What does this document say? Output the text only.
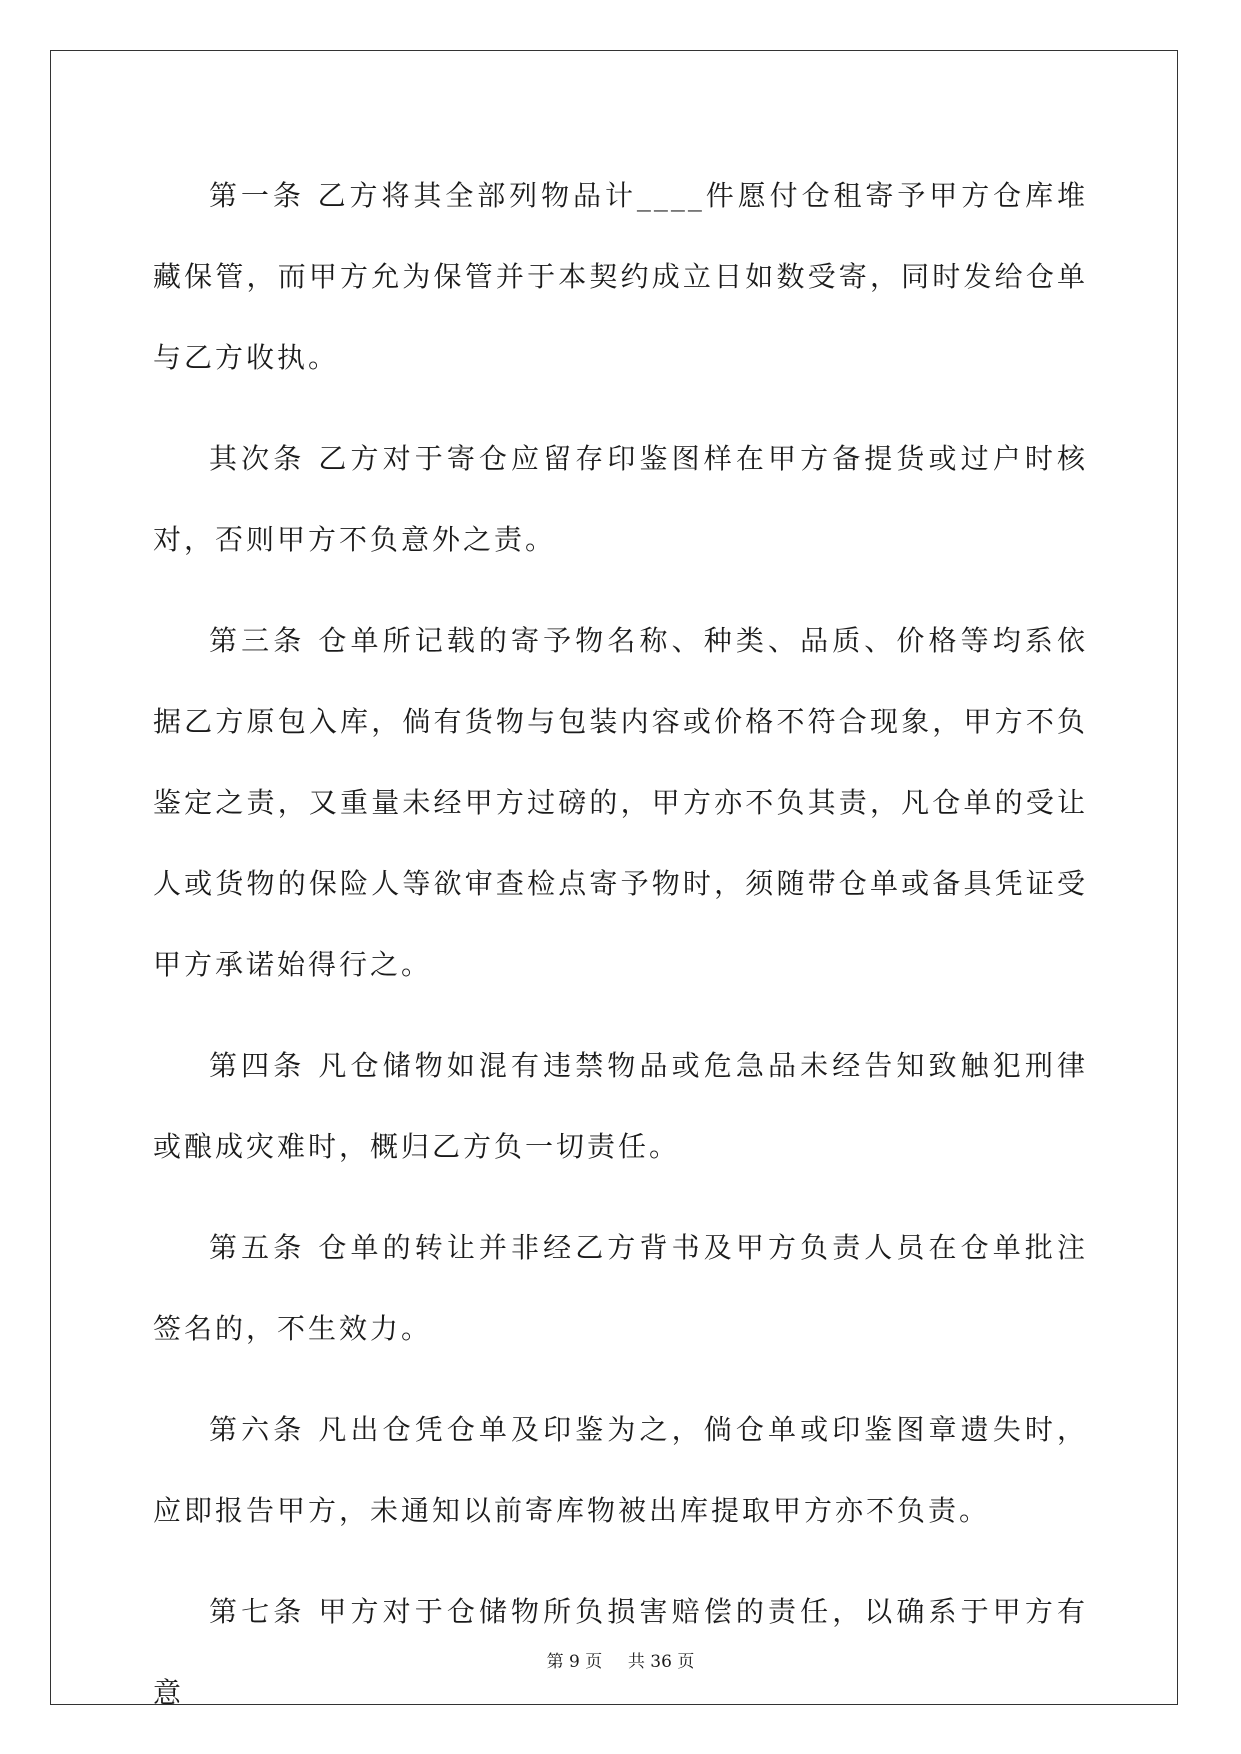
第一条 乙方将其全部列物品计____件愿付仓租寄予甲方仓库堆藏保管，而甲方允为保管并于本契约成立日如数受寄，同时发给仓单与乙方收执。

其次条 乙方对于寄仓应留存印鉴图样在甲方备提货或过户时核对，否则甲方不负意外之责。

第三条 仓单所记载的寄予物名称、种类、品质、价格等均系依据乙方原包入库，倘有货物与包装内容或价格不符合现象，甲方不负鉴定之责，又重量未经甲方过磅的，甲方亦不负其责，凡仓单的受让人或货物的保险人等欲审查检点寄予物时，须随带仓单或备具凭证受甲方承诺始得行之。

第四条 凡仓储物如混有违禁物品或危急品未经告知致触犯刑律或酿成灾难时，概归乙方负一切责任。

第五条 仓单的转让并非经乙方背书及甲方负责人员在仓单批注签名的，不生效力。

第六条 凡出仓凭仓单及印鉴为之，倘仓单或印鉴图章遗失时，应即报告甲方，未通知以前寄库物被出库提取甲方亦不负责。

第七条 甲方对于仓储物所负损害赔偿的责任，以确系于甲方有意

第 9 页 共 36 页
